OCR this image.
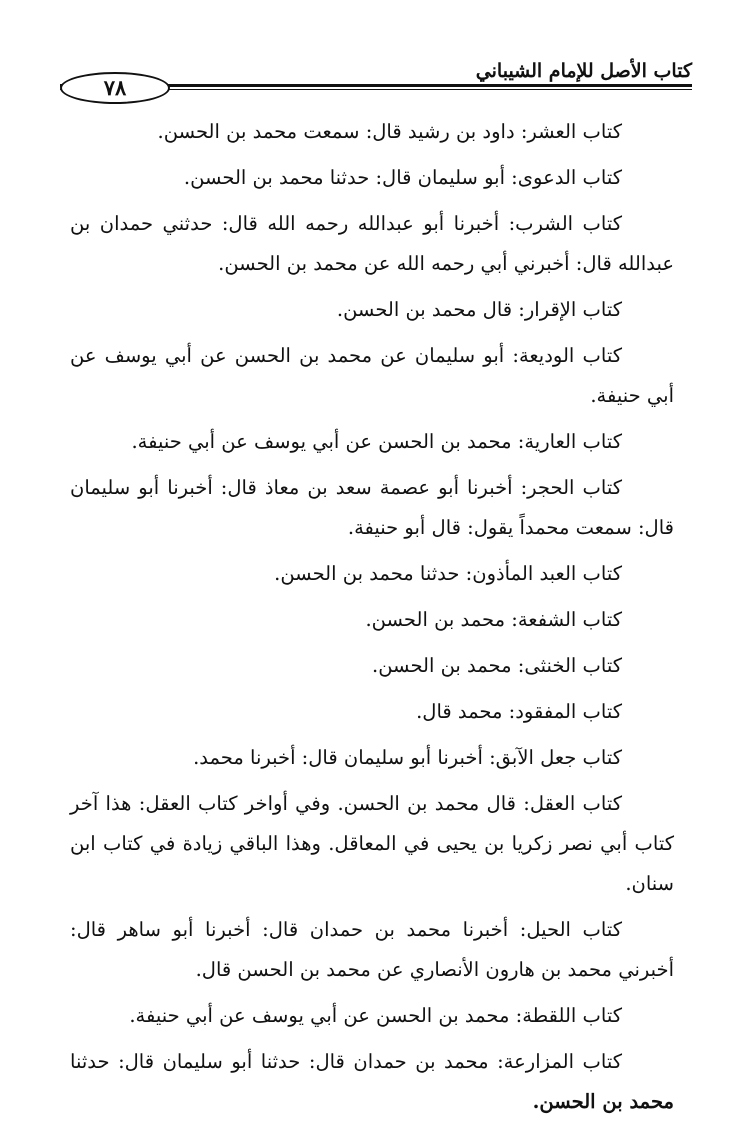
كتاب الأصل للإمام الشيباني
٧٨

كتاب العشر: داود بن رشيد قال: سمعت محمد بن الحسن.

كتاب الدعوى: أبو سليمان قال: حدثنا محمد بن الحسن.

كتاب الشرب: أخبرنا أبو عبدالله رحمه الله قال: حدثني حمدان بن عبدالله قال: أخبرني أبي رحمه الله عن محمد بن الحسن.

كتاب الإقرار: قال محمد بن الحسن.

كتاب الوديعة: أبو سليمان عن محمد بن الحسن عن أبي يوسف عن أبي حنيفة.

كتاب العارية: محمد بن الحسن عن أبي يوسف عن أبي حنيفة.

كتاب الحجر: أخبرنا أبو عصمة سعد بن معاذ قال: أخبرنا أبو سليمان قال: سمعت محمداً يقول: قال أبو حنيفة.

كتاب العبد المأذون: حدثنا محمد بن الحسن.

كتاب الشفعة: محمد بن الحسن.

كتاب الخنثى: محمد بن الحسن.

كتاب المفقود: محمد قال.

كتاب جعل الآبق: أخبرنا أبو سليمان قال: أخبرنا محمد.

كتاب العقل: قال محمد بن الحسن. وفي أواخر كتاب العقل: هذا آخر كتاب أبي نصر زكريا بن يحيى في المعاقل. وهذا الباقي زيادة في كتاب ابن سنان.

كتاب الحيل: أخبرنا محمد بن حمدان قال: أخبرنا أبو ساهر قال: أخبرني محمد بن هارون الأنصاري عن محمد بن الحسن قال.

كتاب اللقطة: محمد بن الحسن عن أبي يوسف عن أبي حنيفة.

كتاب المزارعة: محمد بن حمدان قال: حدثنا أبو سليمان قال: حدثنا محمد بن الحسن.
